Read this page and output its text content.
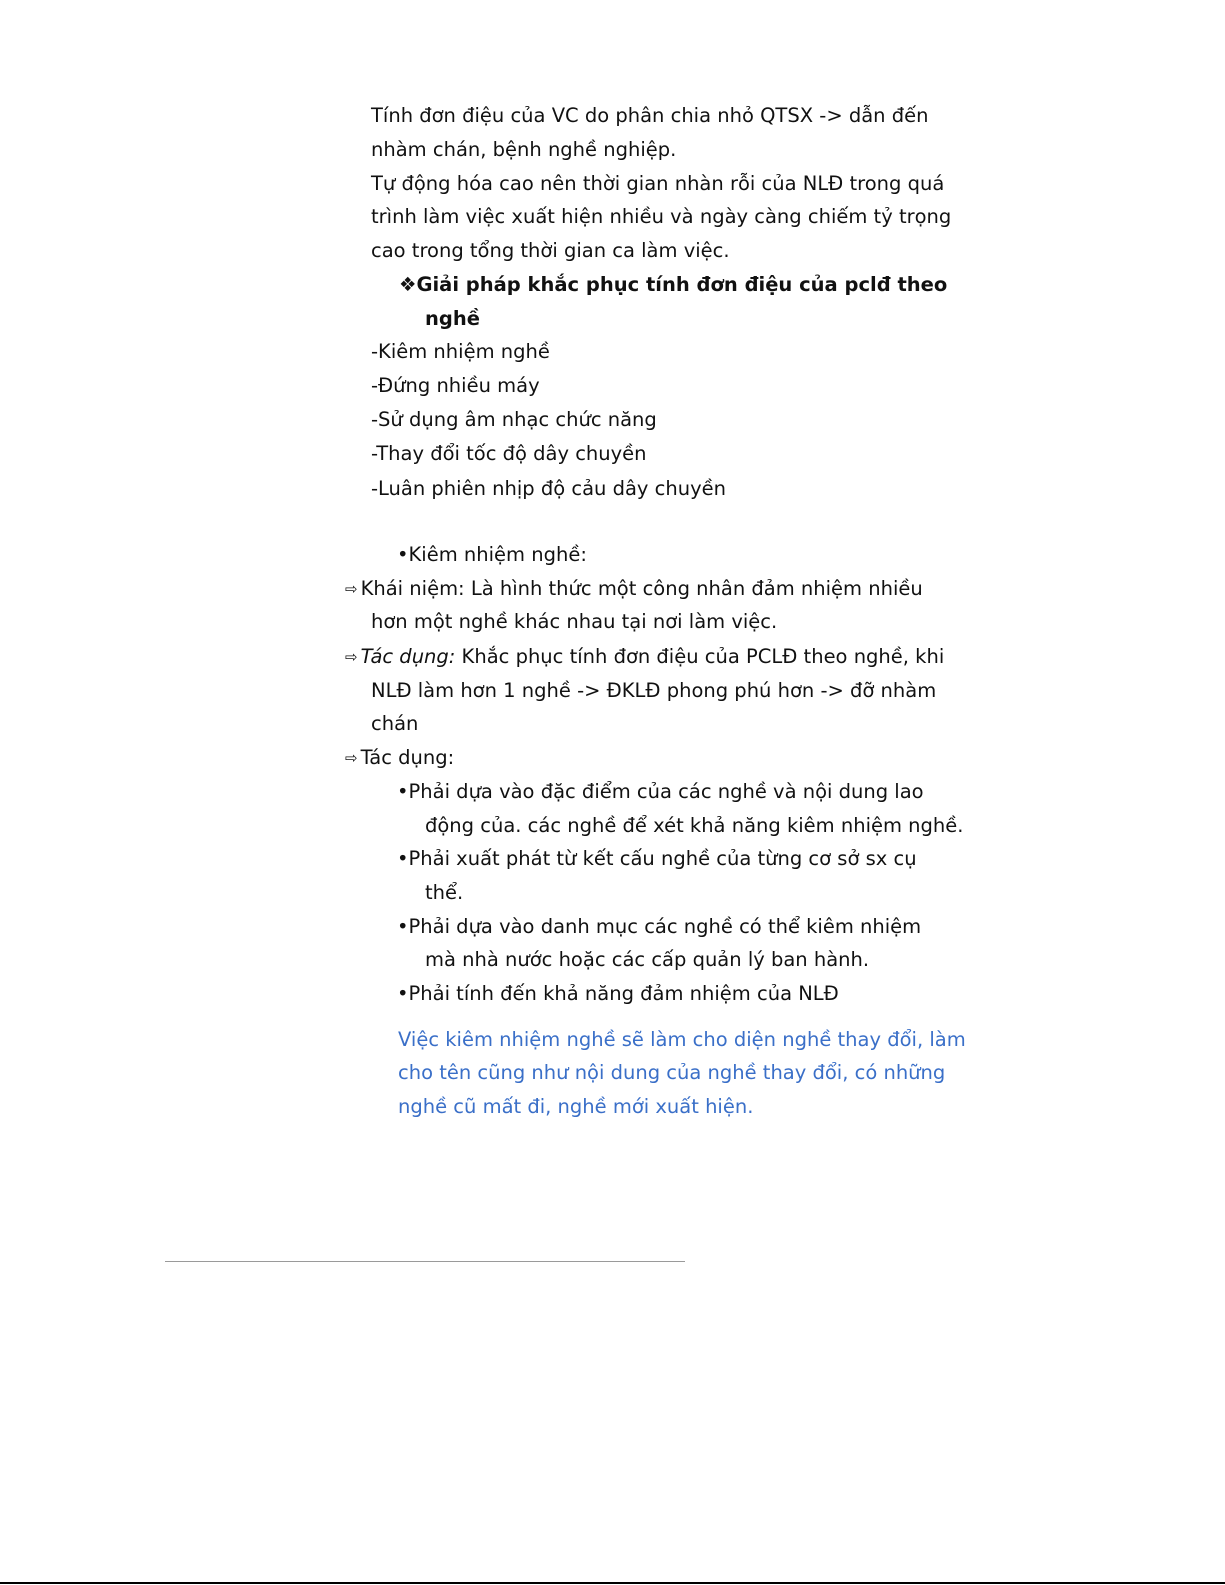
Tính đơn điệu của VC do phân chia nhỏ QTSX -> dẫn đến
nhàm chán, bệnh nghề nghiệp.
Tự động hóa cao nên thời gian nhàn rỗi của NLĐ trong quá
trình làm việc xuất hiện nhiều và ngày càng chiếm tỷ trọng
cao trong tổng thời gian ca làm việc.
❖Giải pháp khắc phục tính đơn điệu của pclđ theo
nghề
-Kiêm nhiệm nghề
-Đứng nhiều máy
-Sử dụng âm nhạc chức năng
-Thay đổi tốc độ dây chuyền
-Luân phiên nhịp độ cảu dây chuyền
•Kiêm nhiệm nghề:
⇨ Khái niệm: Là hình thức một công nhân đảm nhiệm nhiều
hơn một nghề khác nhau tại nơi làm việc.
⇨ Tác dụng: Khắc phục tính đơn điệu của PCLĐ theo nghề, khi
NLĐ làm hơn 1 nghề -> ĐKLĐ phong phú hơn -> đỡ nhàm
chán
⇨ Tác dụng:
•Phải dựa vào đặc điểm của các nghề và nội dung lao
động của. các nghề để xét khả năng kiêm nhiệm nghề.
•Phải xuất phát từ kết cấu nghề của từng cơ sở sx cụ
thể.
•Phải dựa vào danh mục các nghề có thể kiêm nhiệm
mà nhà nước hoặc các cấp quản lý ban hành.
•Phải tính đến khả năng đảm nhiệm của NLĐ
Việc kiêm nhiệm nghề sẽ làm cho diện nghề thay đổi, làm
cho tên cũng như nội dung của nghề thay đổi, có những
nghề cũ mất đi, nghề mới xuất hiện.
